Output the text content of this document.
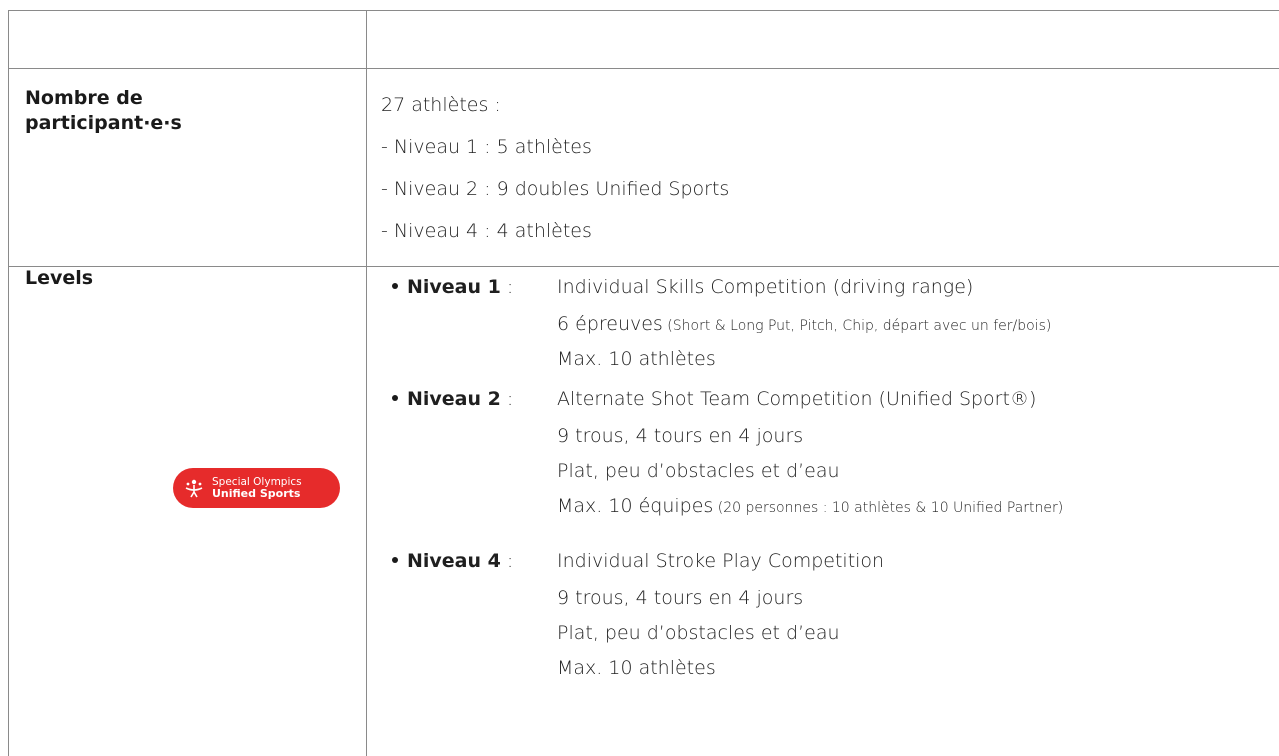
Nombre de
participant·e·s
27 athlètes :
- Niveau 1 : 5 athlètes
- Niveau 2 : 9 doubles Unified Sports
- Niveau 4 : 4 athlètes
Levels	Niveau 1 : Individual Skills Competition (driving range)
6 épreuves (Short & Long Put, Pitch, Chip, départ avec un fer/bois)
Max. 10 athlètes
Niveau 2 : Alternate Shot Team Competition (Unified Sport®)
9 trous, 4 tours en 4 jours
Plat, peu d’obstacles et d’eau
Max. 10 équipes (20 personnes : 10 athlètes & 10 Unified Partner)
Special Olympics
Unified Sports
Niveau 4 : Individual Stroke Play Competition
9 trous, 4 tours en 4 jours
Plat, peu d’obstacles et d’eau
Max. 10 athlètes
